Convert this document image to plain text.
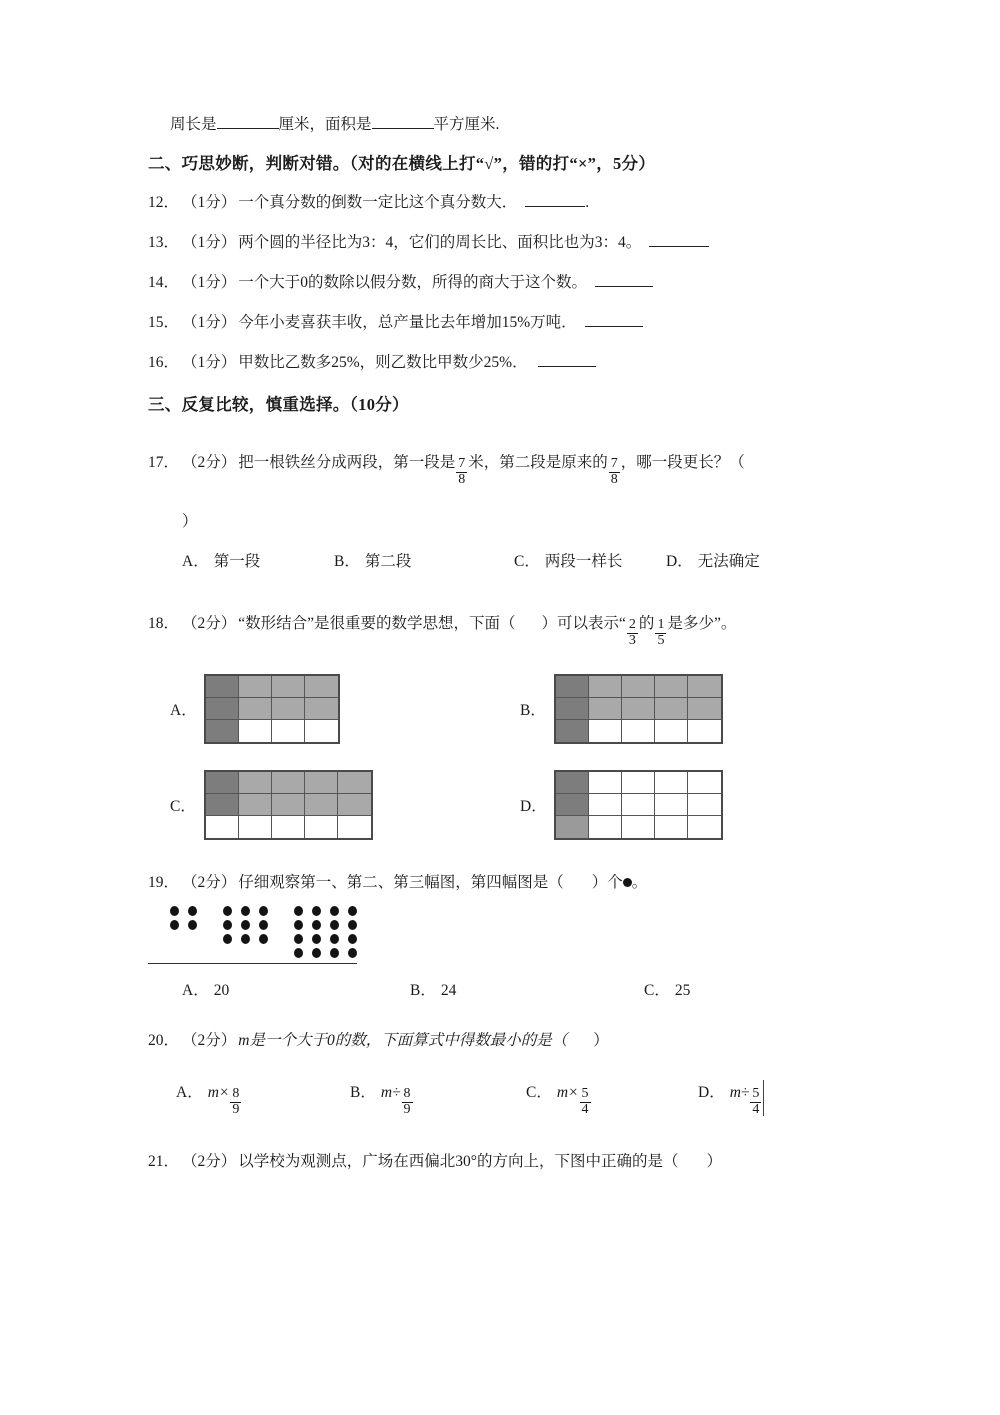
周长是	厘米，面积是	平方厘米.
二、巧思妙断，判断对错。（对的在横线上打“√”，错的打“×”，5分）
12． （1分） 一个真分数的倒数一定比这个真分数大．	.
13． （1分） 两个圆的半径比为3：4，它们的周长比、面积比也为3：4。
14． （1分） 一个大于0的数除以假分数，所得的商大于这个数。
15． （1分） 今年小麦喜获丰收，总产量比去年增加15%万吨．
16． （1分） 甲数比乙数多25%，则乙数比甲数少25%．
三、反复比较，慎重选择。（10分）
17． （2分） 把一根铁丝分成两段，第一段是 $\frac{7}{8}$ 米，第二段是原来的 $\frac{7}{8}$ ，哪一段更长？（
）
A． 第一段	B． 第二段	C． 两段一样长	D． 无法确定
18． （2分） “数形结合”是很重要的数学思想，下面（ ）可以表示“ $\frac{2}{3}$ 的 $\frac{1}{5}$ 是多少”。
A．	B．
C．	D．
19． （2分） 仔细观察第一、第二、第三幅图，第四幅图是（ ）个 。
A． 20	B． 24	C． 25
20． （2分） m是一个大于0的数，下面算式中得数最小的是（ ）
A． $m\times \frac{8}{9}$	B． $m\div \frac{8}{9}$	C． $m\times \frac{5}{4}$	D． $m\div \frac{5}{4}$
21． （2分） 以学校为观测点，广场在西偏北30°的方向上，下图中正确的是（ ）
